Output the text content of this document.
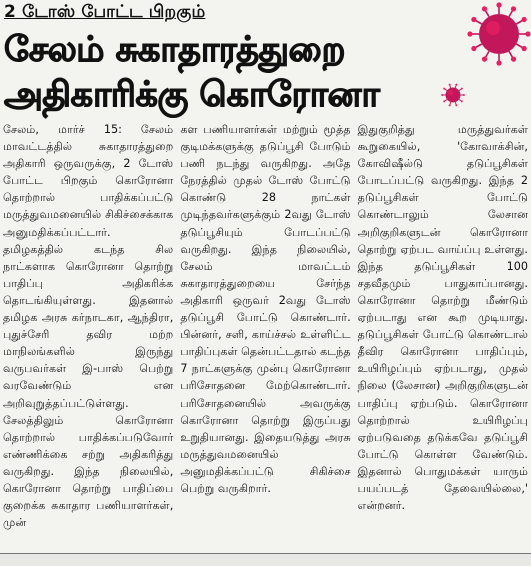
2 டோஸ் போட்ட பிறகும்
சேலம் சுகாதாரத்துறை
அதிகாரிக்கு கொரோனா

சேலம், மார்ச் 15: சேலம் மாவட்டத்தில் சுகாதாரத்துறை அதிகாரி ஒருவருக்கு, 2 டோஸ் போட்ட பிறகும் கொரோனா தொற்றால் பாதிக்கப்பட்டு மருத்துவமனையில் சிகிச்சைக்காக அனுமதிக்கப்பட்டார். தமிழகத்தில் கடந்த சில நாட்களாக கொரோனா தொற்று பாதிப்பு அதிகரிக்க தொடங்கியுள்ளது. இதனால் தமிழக அரசு கர்நாடகா, ஆந்திரா, புதுச்சேரி தவிர மற்ற மாநிலங்களில் இருந்து வருபவர்கள் இ-பாஸ் பெற்று வரவேண்டும் என அறிவுறுத்தப்பட்டுள்ளது. சேலத்திலும் கொரோனா தொற்றால் பாதிக்கப்படுவோர் எண்ணிக்கை சற்று அதிகரித்து வருகிறது. இந்த நிலையில், கொரோனா தொற்று பாதிப்பை குறைக்க சுகாதார பணியாளர்கள், முன்

கள பணியாளர்கள் மற்றும் மூத்த குடிமக்களுக்கு தடுப்பூசி போடும் பணி நடந்து வருகிறது. அதே நேரத்தில் முதல் டோஸ் போட்டு கொண்டு 28 நாட்கள் முடிந்தவர்களுக்கும் 2வது டோஸ் தடுப்பூசியும் போடப்பட்டு வருகிறது. இந்த நிலையில், சேலம் மாவட்டம் சுகாதாரத்துறையை சேர்ந்த அதிகாரி ஒருவர் 2வது டோஸ் தடுப்பூசி போட்டு கொண்டார். பின்னர், சளி, காய்ச்சல் உள்ளிட்ட பாதிப்புகள் தென்பட்டதால் கடந்த 7 நாட்களுக்கு முன்பு கொரோனா பரிசோதனை மேற்கொண்டார். பரிசோதனையில் அவருக்கு கொரோனா தொற்று இருப்பது உறுதியானது. இதையடுத்து அரசு மருத்துவமனையில் அனுமதிக்கப்பட்டு சிகிச்சை பெற்று வருகிறார்.

இதுகுறித்து மருத்துவர்கள் கூறுகையில், 'கோவாக்சின், கோவிஷீல்டு தடுப்பூசிகள் போடப்பட்டு வருகிறது. இந்த 2 தடுப்பூசிகள் போட்டு கொண்டாலும் லேசான அறிகுறிகளுடன் கொரோனா தொற்று ஏற்பட வாய்ப்பு உள்ளது. இந்த தடுப்பூசிகள் 100 சதவீதமும் பாதுகாப்பானது. கொரோனா தொற்று மீண்டும் ஏற்படாது என கூற முடியாது. தடுப்பூசிகள் போட்டு கொண்டால் தீவிர கொரோனா பாதிப்பும், உயிரிழப்பும் ஏற்படாது, முதல் நிலை (லேசான) அறிகுறிகளுடன் பாதிப்பு ஏற்படும். கொரோனா தொற்றால் உயிரிழப்பு ஏற்படுவதை தடுக்கவே தடுப்பூசி போட்டு கொள்ள வேண்டும். இதனால் பொதுமக்கள் யாரும் பயப்படத் தேவையில்லை,' என்றனர்.
